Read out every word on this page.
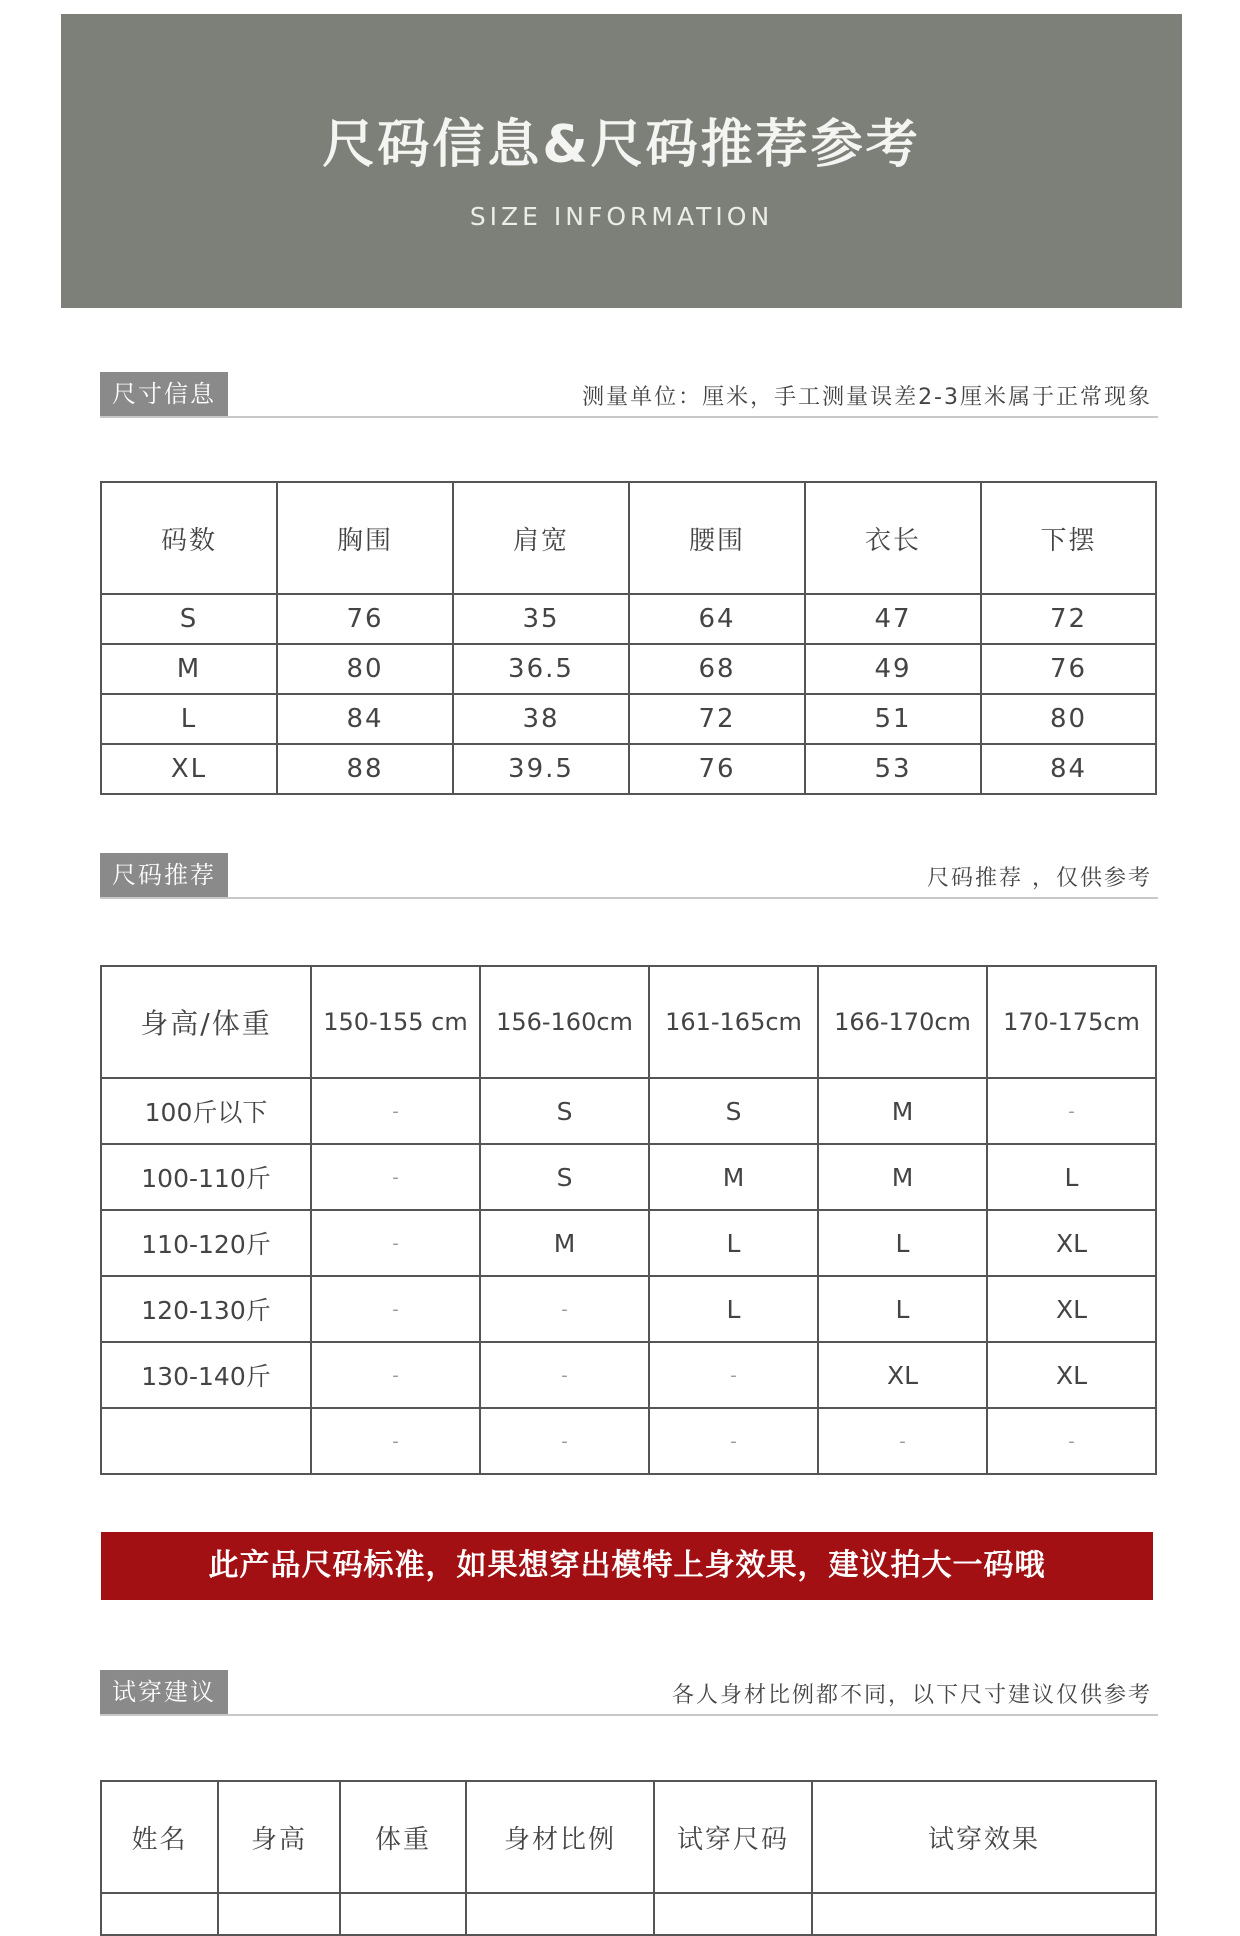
尺码信息&尺码推荐参考
SIZE INFORMATION
尺寸信息	测量单位：厘米，手工测量误差2-3厘米属于正常现象
码数	胸围	肩宽	腰围	衣长	下摆
S	76	35	64	47	72
M	80	36.5	68	49	76
L	84	38	72	51	80
XL	88	39.5	76	53	84
尺码推荐	尺码推荐 ，仅供参考
身高/体重	150-155 cm	156-160cm	161-165cm	166-170cm	170-175cm
100斤以下	-	S	S	M	-
100-110斤	-	S	M	M	L
110-120斤	-	M	L	L	XL
120-130斤	-	-	L	L	XL
130-140斤	-	-	-	XL	XL
	-	-	-	-	-
此产品尺码标准，如果想穿出模特上身效果，建议拍大一码哦
试穿建议	各人身材比例都不同，以下尺寸建议仅供参考
姓名	身高	体重	身材比例	试穿尺码	试穿效果
